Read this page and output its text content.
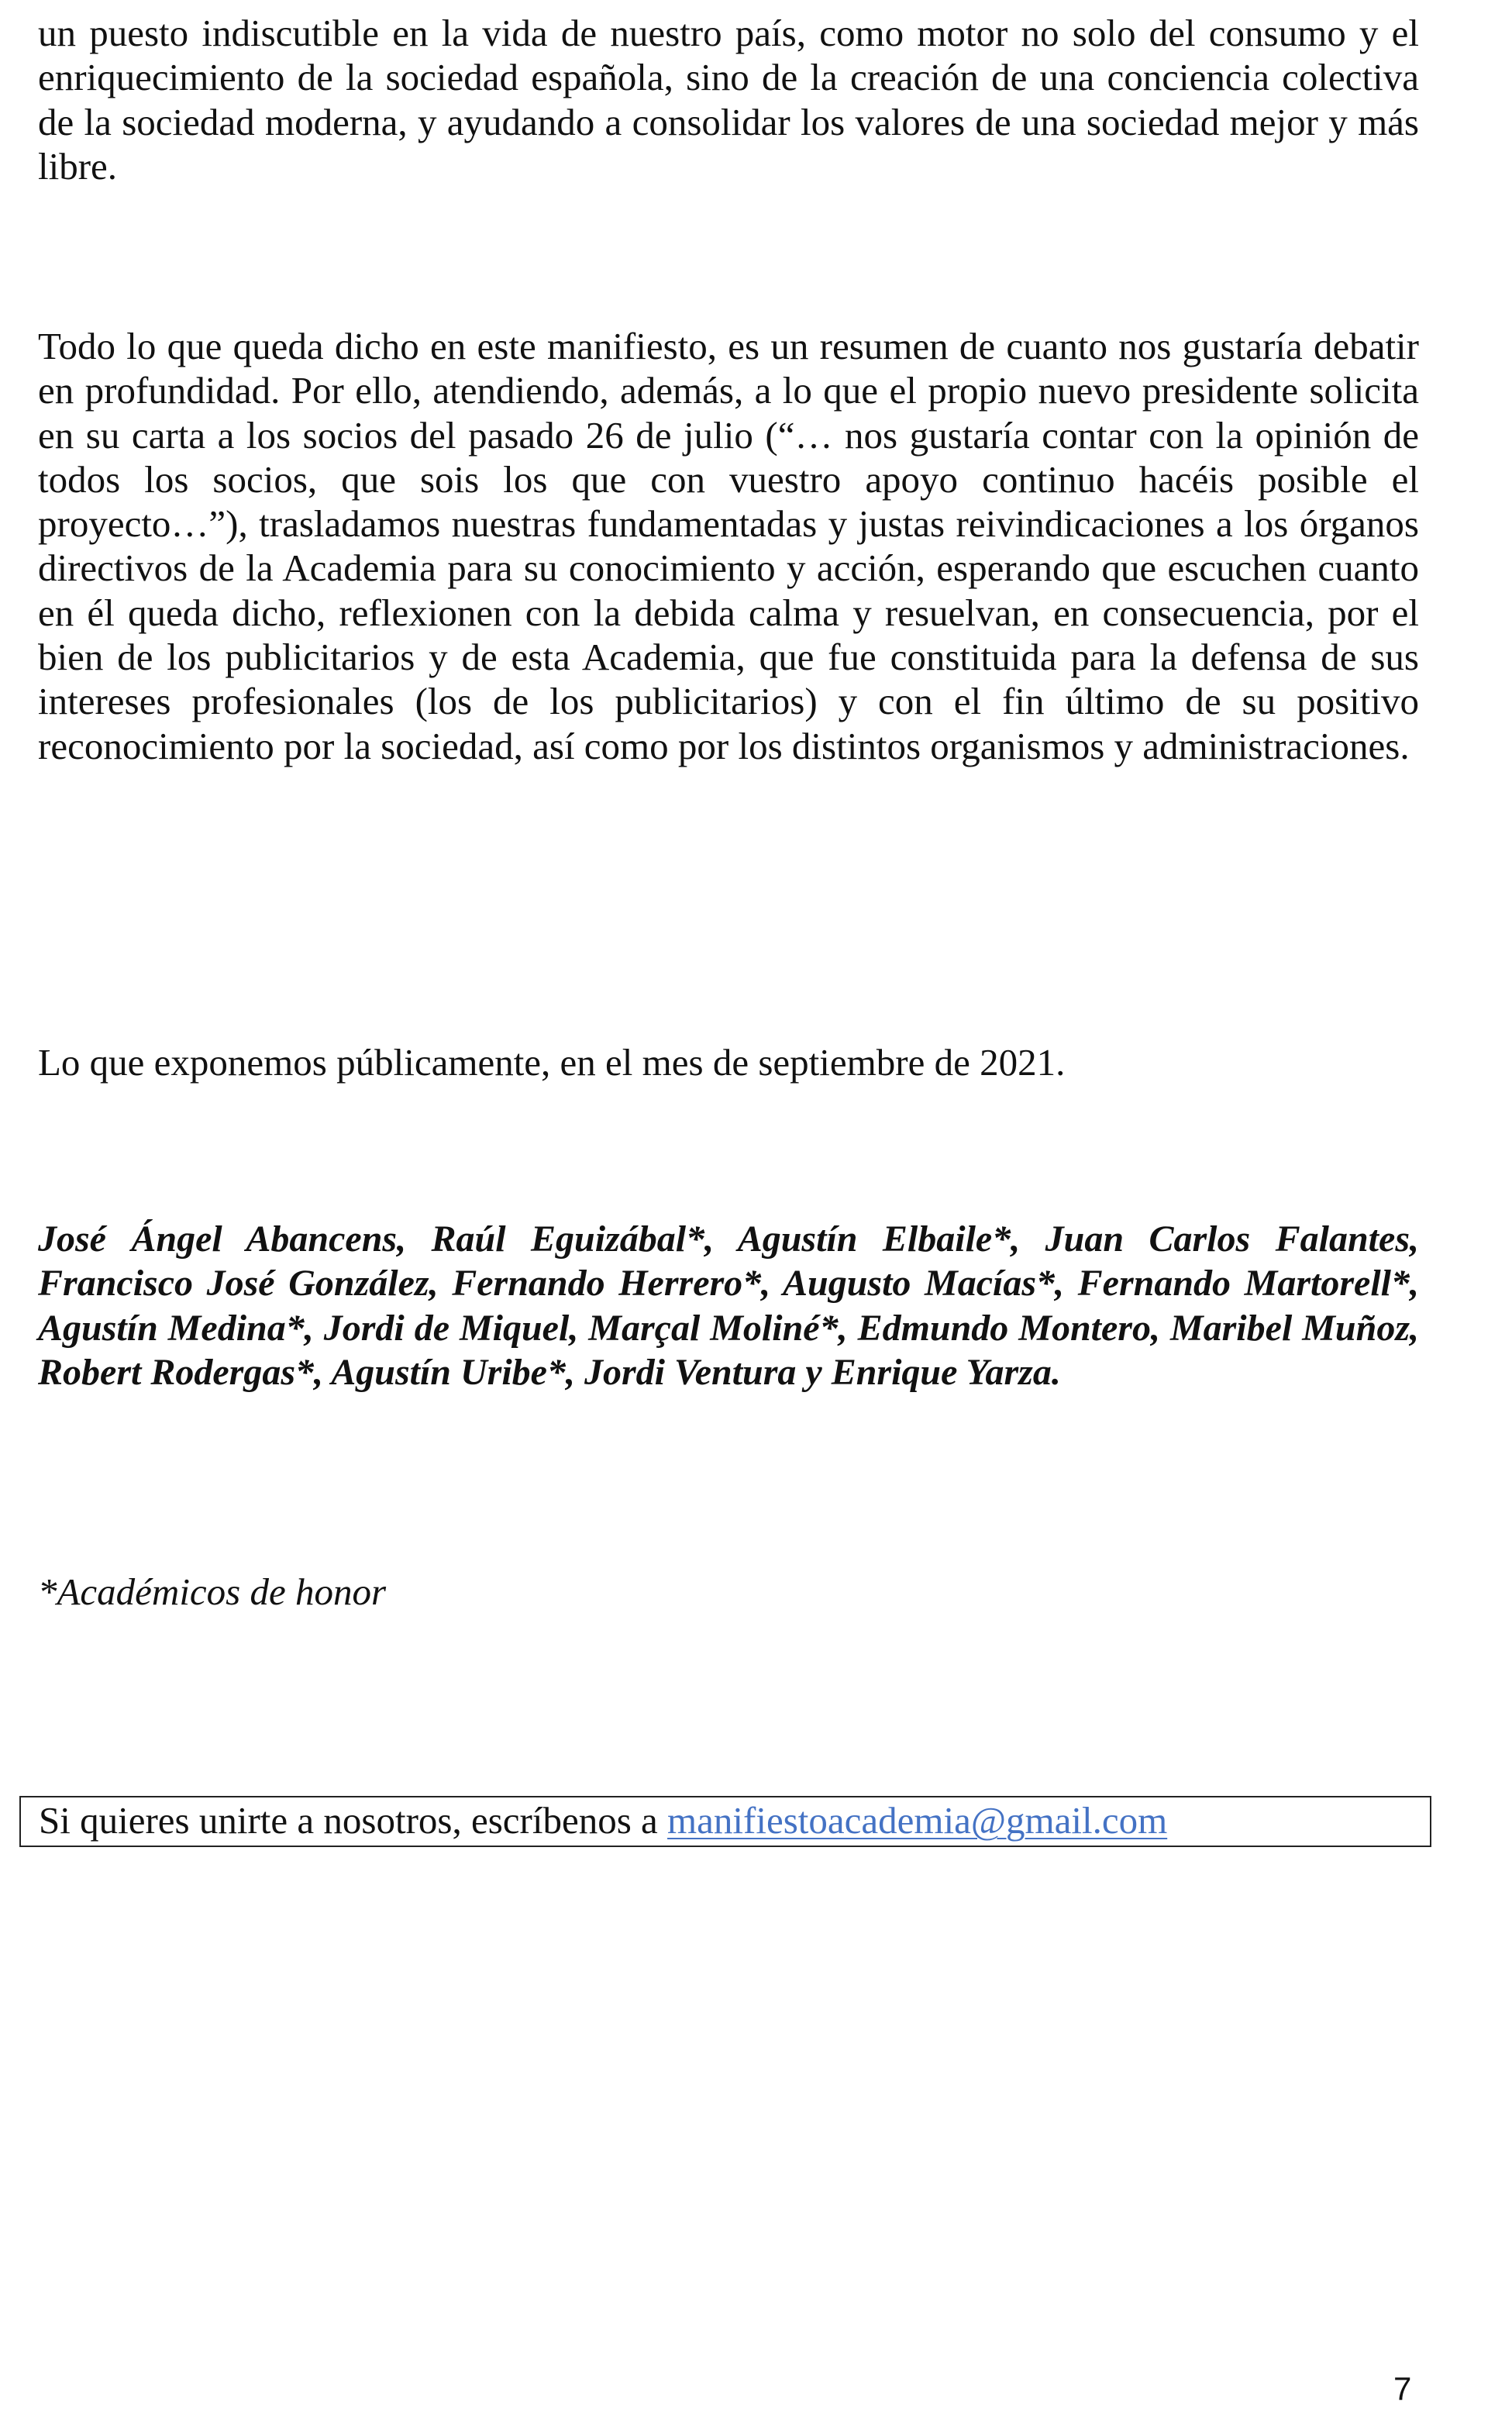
un puesto indiscutible en la vida de nuestro país, como motor no solo del consumo y el enriquecimiento de la sociedad española, sino de la creación de una conciencia colectiva de la sociedad moderna, y ayudando a consolidar los valores de una sociedad mejor y más libre.

Todo lo que queda dicho en este manifiesto, es un resumen de cuanto nos gustaría debatir en profundidad. Por ello, atendiendo, además, a lo que el propio nuevo presidente solicita en su carta a los socios del pasado 26 de julio (“… nos gustaría contar con la opinión de todos los socios, que sois los que con vuestro apoyo continuo hacéis posible el proyecto…”), trasladamos nuestras fundamentadas y justas reivindicaciones a los órganos directivos de la Academia para su conocimiento y acción, esperando que escuchen cuanto en él queda dicho, reflexionen con la debida calma y resuelvan, en consecuencia, por el bien de los publicitarios y de esta Academia, que fue constituida para la defensa de sus intereses profesionales (los de los publicitarios) y con el fin último de su positivo reconocimiento por la sociedad, así como por los distintos organismos y administraciones.

Lo que exponemos públicamente, en el mes de septiembre de 2021.

José Ángel Abancens, Raúl Eguizábal*, Agustín Elbaile*, Juan Carlos Falantes, Francisco José González, Fernando Herrero*, Augusto Macías*, Fernando Martorell*, Agustín Medina*, Jordi de Miquel, Marçal Moliné*, Edmundo Montero, Maribel Muñoz, Robert Rodergas*, Agustín Uribe*, Jordi Ventura y Enrique Yarza.

*Académicos de honor

Si quieres unirte a nosotros, escríbenos a manifiestoacademia@gmail.com
7
